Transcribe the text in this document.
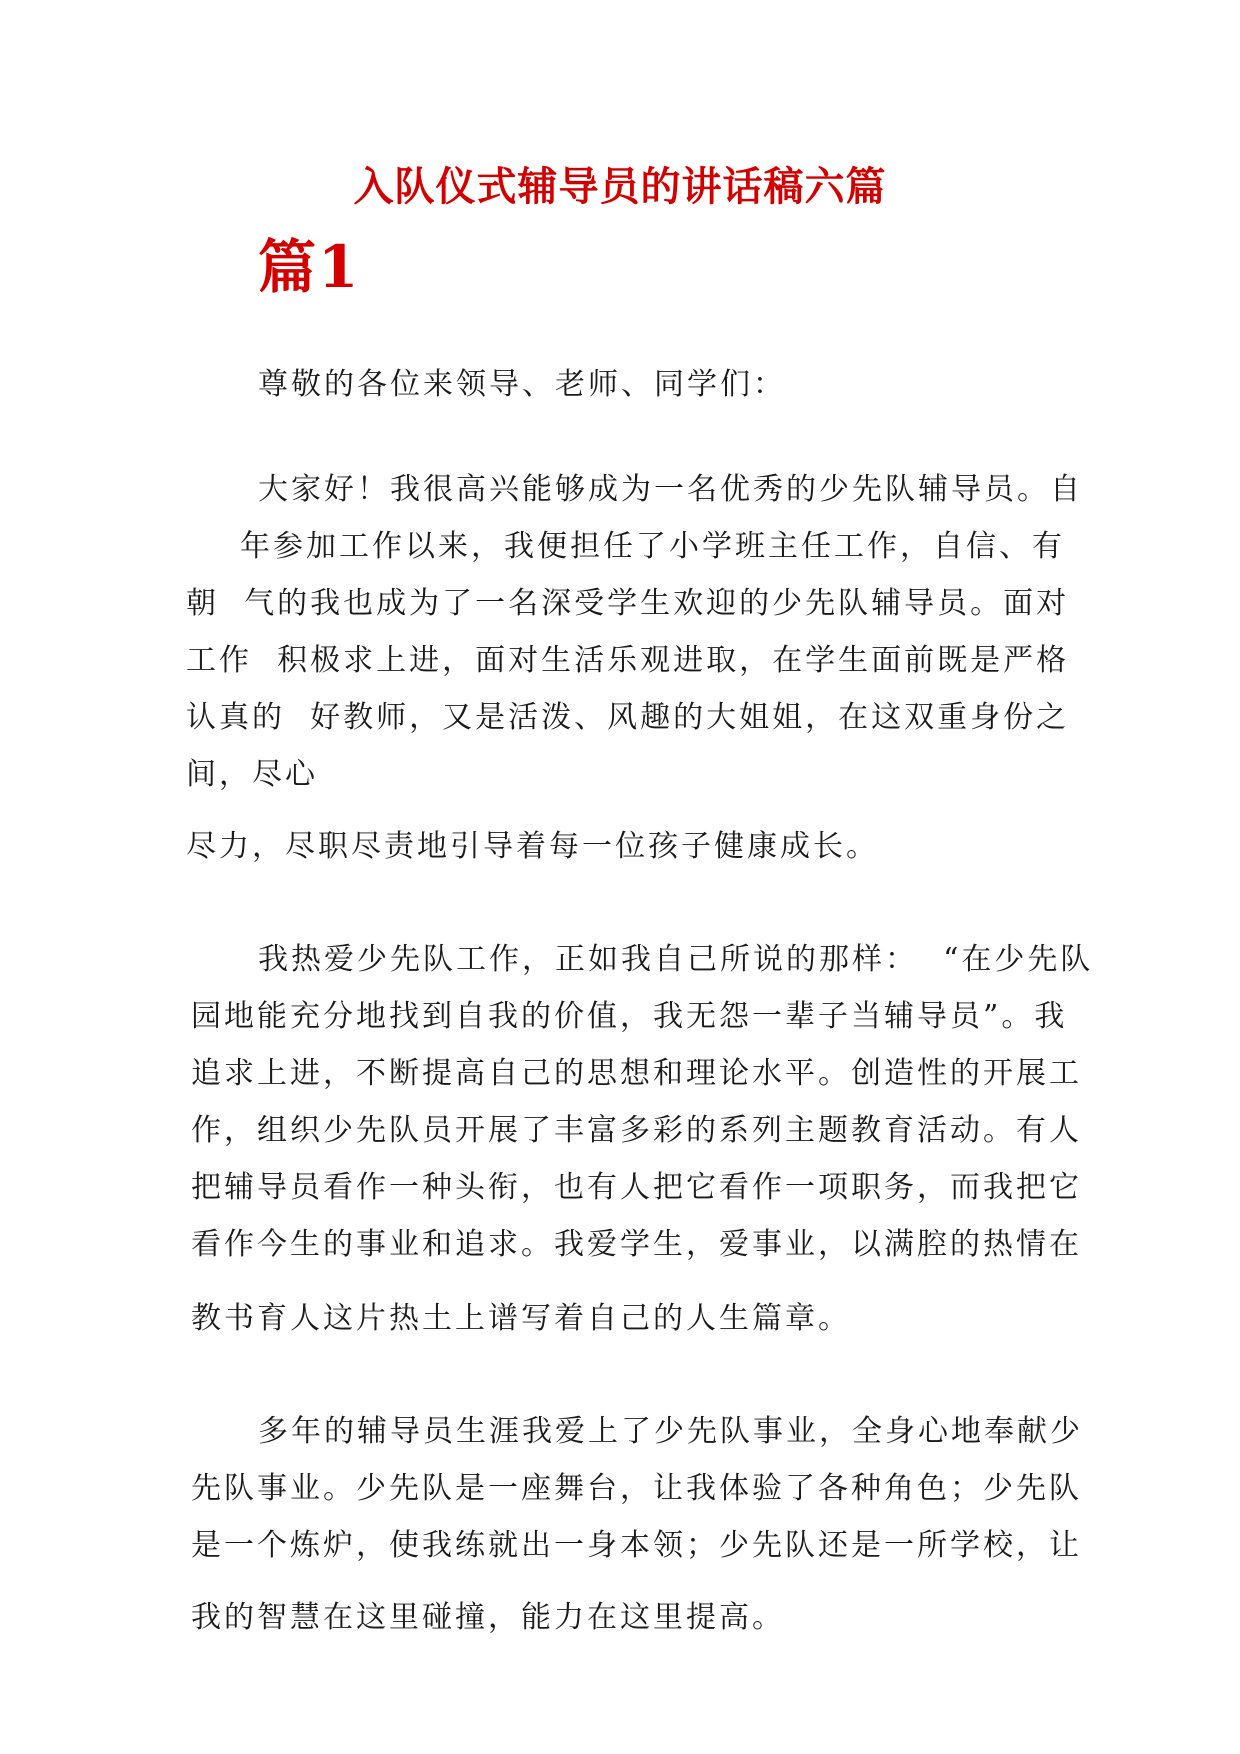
入队仪式辅导员的讲话稿六篇
篇1
尊敬的各位来领导、老师、同学们：
大家好！我很高兴能够成为一名优秀的少先队辅导员。自
年参加工作以来，我便担任了小学班主任工作，自信、有
朝  气的我也成为了一名深受学生欢迎的少先队辅导员。面对
工作  积极求上进，面对生活乐观进取，在学生面前既是严格
认真的  好教师，又是活泼、风趣的大姐姐，在这双重身份之
间，尽心
尽力，尽职尽责地引导着每一位孩子健康成长。
我热爱少先队工作，正如我自己所说的那样：  “在少先队
园地能充分地找到自我的价值，我无怨一辈子当辅导员”。我
追求上进，不断提高自己的思想和理论水平。创造性的开展工
作，组织少先队员开展了丰富多彩的系列主题教育活动。有人
把辅导员看作一种头衔，也有人把它看作一项职务，而我把它
看作今生的事业和追求。我爱学生，爱事业，以满腔的热情在
教书育人这片热土上谱写着自己的人生篇章。
多年的辅导员生涯我爱上了少先队事业，全身心地奉献少
先队事业。少先队是一座舞台，让我体验了各种角色；少先队
是一个炼炉，使我练就出一身本领；少先队还是一所学校，让
我的智慧在这里碰撞，能力在这里提高。
